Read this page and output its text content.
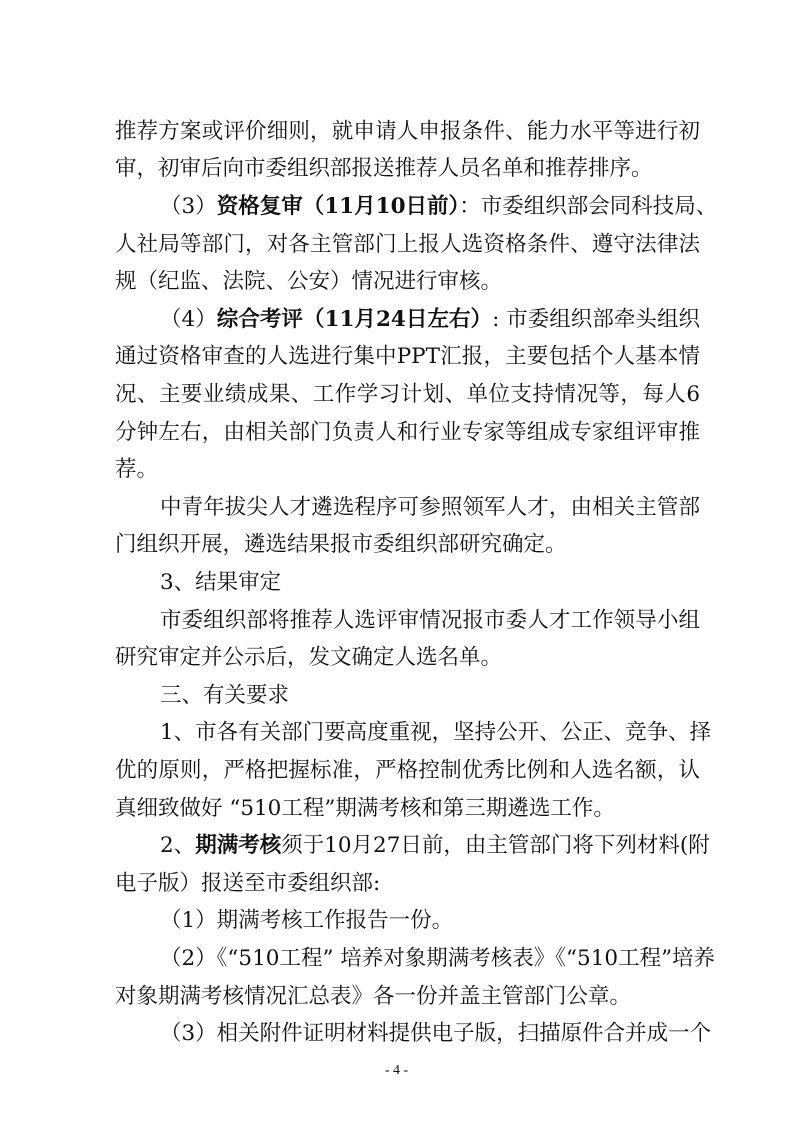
推荐方案或评价细则，就申请人申报条件、能力水平等进行初
审，初审后向市委组织部报送推荐人员名单和推荐排序。
（3）资格复审（11月10日前）：市委组织部会同科技局、
人社局等部门，对各主管部门上报人选资格条件、遵守法律法
规（纪监、法院、公安）情况进行审核。
（4）综合考评（11月24日左右）: 市委组织部牵头组织
通过资格审查的人选进行集中PPT汇报，主要包括个人基本情
况、主要业绩成果、工作学习计划、单位支持情况等，每人6
分钟左右，由相关部门负责人和行业专家等组成专家组评审推
荐。
中青年拔尖人才遴选程序可参照领军人才，由相关主管部
门组织开展，遴选结果报市委组织部研究确定。
3、结果审定
市委组织部将推荐人选评审情况报市委人才工作领导小组
研究审定并公示后，发文确定人选名单。
三、有关要求
1、市各有关部门要高度重视，坚持公开、公正、竞争、择
优的原则，严格把握标准，严格控制优秀比例和人选名额，认
真细致做好 “510工程”期满考核和第三期遴选工作。
2、期满考核须于10月27日前，由主管部门将下列材料(附
电子版）报送至市委组织部:
（1）期满考核工作报告一份。
（2）《“510工程” 培养对象期满考核表》《“510工程”培养
对象期满考核情况汇总表》各一份并盖主管部门公章。
（3）相关附件证明材料提供电子版，扫描原件合并成一个
- 4 -
